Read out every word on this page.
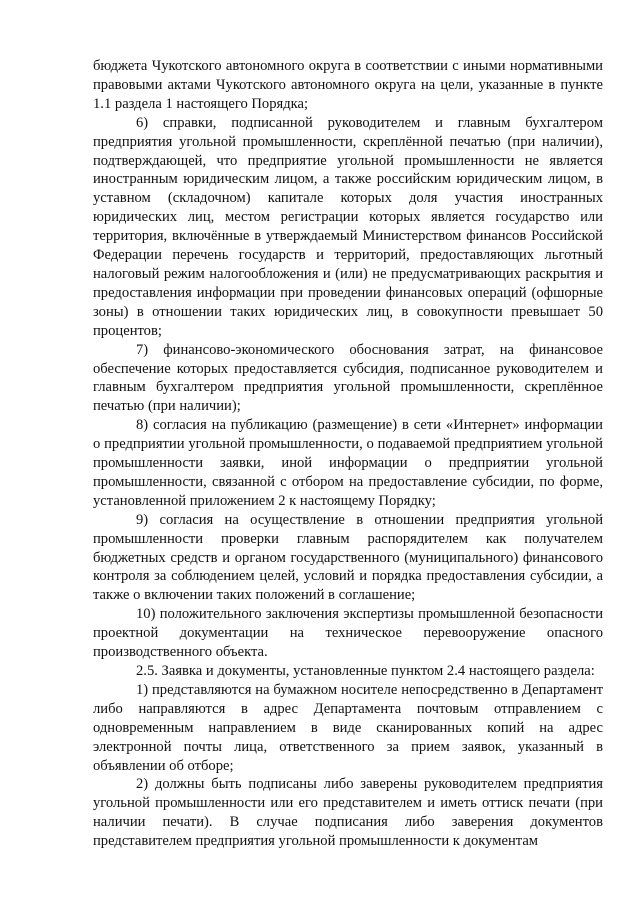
бюджета Чукотского автономного округа в соответствии с иными нормативными правовыми актами Чукотского автономного округа на цели, указанные в пункте 1.1 раздела 1 настоящего Порядка;

6) справки, подписанной руководителем и главным бухгалтером предприятия угольной промышленности, скреплённой печатью (при наличии), подтверждающей, что предприятие угольной промышленности не является иностранным юридическим лицом, а также российским юридическим лицом, в уставном (складочном) капитале которых доля участия иностранных юридических лиц, местом регистрации которых является государство или территория, включённые в утверждаемый Министерством финансов Российской Федерации перечень государств и территорий, предоставляющих льготный налоговый режим налогообложения и (или) не предусматривающих раскрытия и предоставления информации при проведении финансовых операций (офшорные зоны) в отношении таких юридических лиц, в совокупности превышает 50 процентов;

7) финансово-экономического обоснования затрат, на финансовое обеспечение которых предоставляется субсидия, подписанное руководителем и главным бухгалтером предприятия угольной промышленности, скреплённое печатью (при наличии);

8) согласия на публикацию (размещение) в сети «Интернет» информации о предприятии угольной промышленности, о подаваемой предприятием угольной промышленности заявки, иной информации о предприятии угольной промышленности, связанной с отбором на предоставление субсидии, по форме, установленной приложением 2 к настоящему Порядку;

9) согласия на осуществление в отношении предприятия угольной промышленности проверки главным распорядителем как получателем бюджетных средств и органом государственного (муниципального) финансового контроля за соблюдением целей, условий и порядка предоставления субсидии, а также о включении таких положений в соглашение;

10) положительного заключения экспертизы промышленной безопасности проектной документации на техническое перевооружение опасного производственного объекта.

2.5. Заявка и документы, установленные пунктом 2.4 настоящего раздела:

1) представляются на бумажном носителе непосредственно в Департамент либо направляются в адрес Департамента почтовым отправлением с одновременным направлением в виде сканированных копий на адрес электронной почты лица, ответственного за прием заявок, указанный в объявлении об отборе;

2) должны быть подписаны либо заверены руководителем предприятия угольной промышленности или его представителем и иметь оттиск печати (при наличии печати). В случае подписания либо заверения документов представителем предприятия угольной промышленности к документам
